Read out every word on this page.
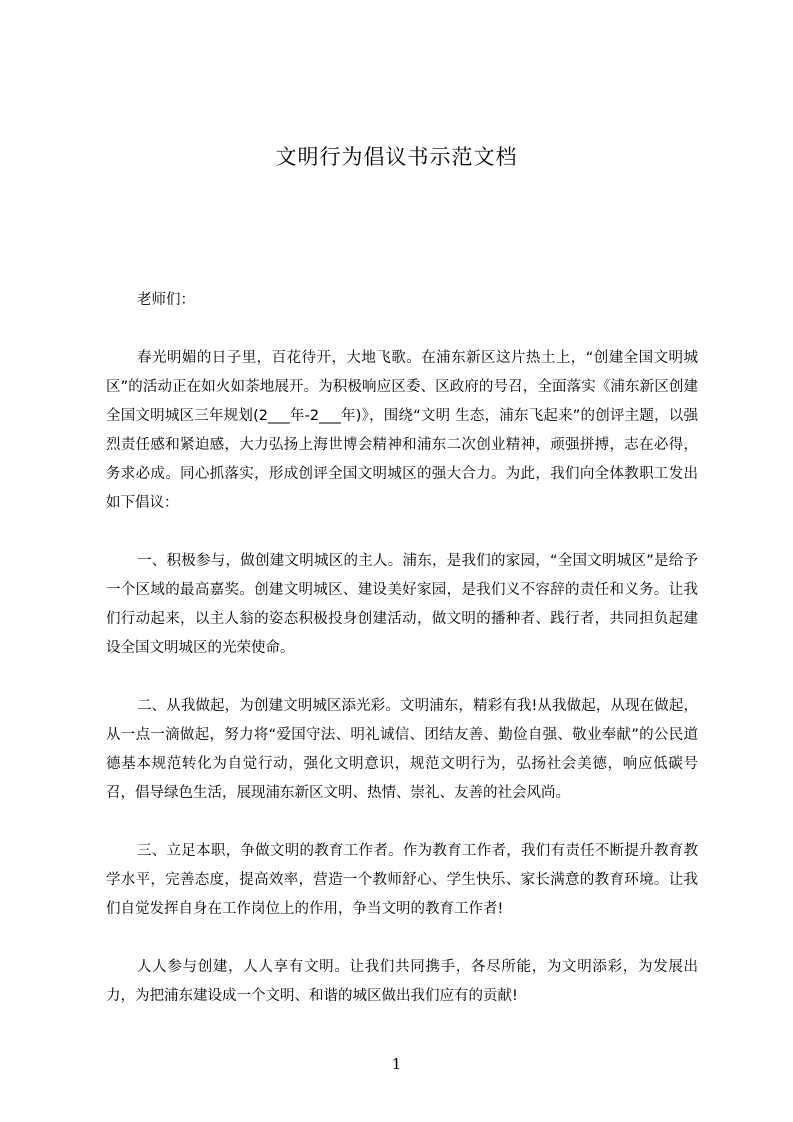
文明行为倡议书示范文档

老师们：

春光明媚的日子里，百花待开，大地飞歌。在浦东新区这片热土上，“创建全国文明城区”的活动正在如火如荼地展开。为积极响应区委、区政府的号召，全面落实《浦东新区创建全国文明城区三年规划(2___年-2___年)》，围绕“文明 生态，浦东飞起来”的创评主题，以强烈责任感和紧迫感，大力弘扬上海世博会精神和浦东二次创业精神，顽强拼搏，志在必得，务求必成。同心抓落实，形成创评全国文明城区的强大合力。为此，我们向全体教职工发出如下倡议：

一、积极参与，做创建文明城区的主人。浦东，是我们的家园，“全国文明城区”是给予一个区域的最高嘉奖。创建文明城区、建设美好家园，是我们义不容辞的责任和义务。让我们行动起来，以主人翁的姿态积极投身创建活动，做文明的播种者、践行者，共同担负起建设全国文明城区的光荣使命。

二、从我做起，为创建文明城区添光彩。文明浦东，精彩有我!从我做起，从现在做起，从一点一滴做起，努力将“爱国守法、明礼诚信、团结友善、勤俭自强、敬业奉献”的公民道德基本规范转化为自觉行动，强化文明意识，规范文明行为，弘扬社会美德，响应低碳号召，倡导绿色生活，展现浦东新区文明、热情、崇礼、友善的社会风尚。

三、立足本职，争做文明的教育工作者。作为教育工作者，我们有责任不断提升教育教学水平，完善态度，提高效率，营造一个教师舒心、学生快乐、家长满意的教育环境。让我们自觉发挥自身在工作岗位上的作用，争当文明的教育工作者!

人人参与创建，人人享有文明。让我们共同携手，各尽所能，为文明添彩，为发展出力，为把浦东建设成一个文明、和谐的城区做出我们应有的贡献!

1
